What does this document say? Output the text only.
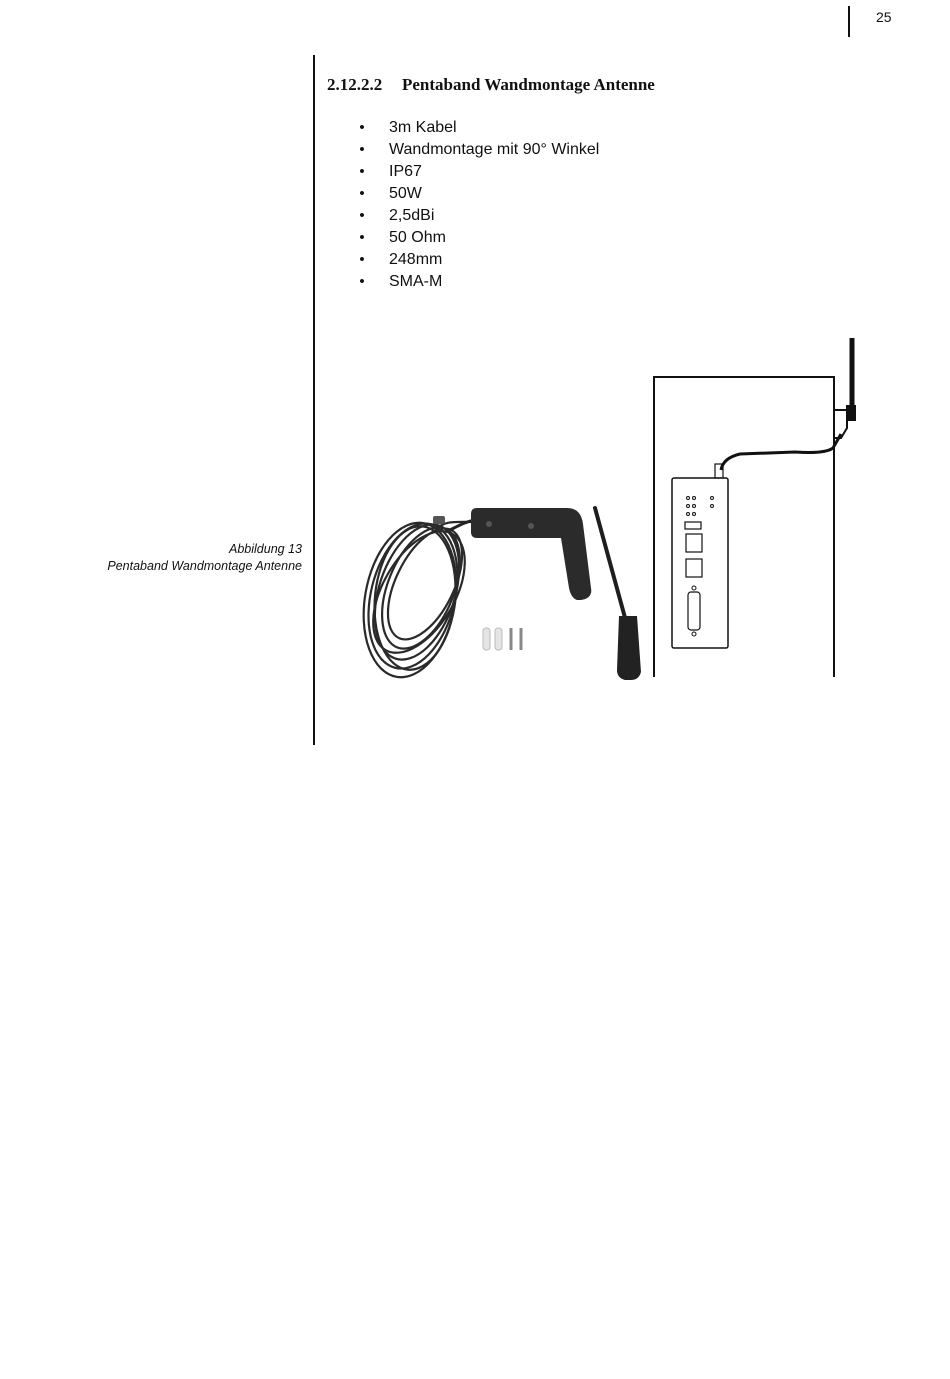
25
2.12.2.2 Pentaband Wandmontage Antenne
• 3m Kabel
• Wandmontage mit 90° Winkel
• IP67
• 50W
• 2,5dBi
• 50 Ohm
• 248mm
• SMA-M
Abbildung 13
Pentaband Wandmontage Antenne
